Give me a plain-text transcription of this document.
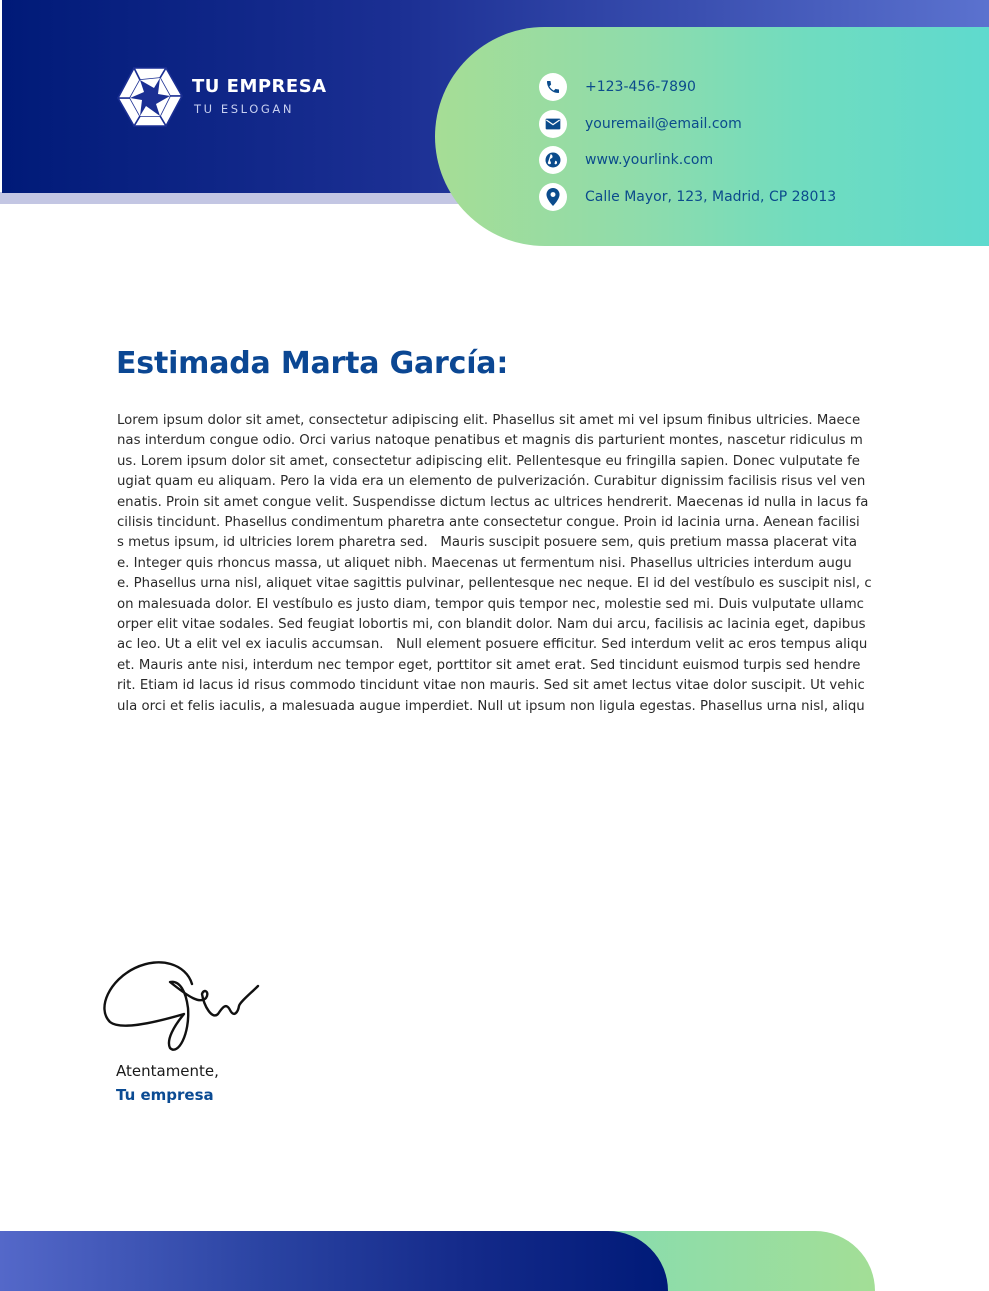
TU EMPRESA
TU ESLOGAN
+123-456-7890
youremail@email.com
www.yourlink.com
Calle Mayor, 123, Madrid, CP 28013
Estimada Marta García:
Lorem ipsum dolor sit amet, consectetur adipiscing elit. Phasellus sit amet mi vel ipsum finibus ultricies. Maece
nas interdum congue odio. Orci varius natoque penatibus et magnis dis parturient montes, nascetur ridiculus m
us. Lorem ipsum dolor sit amet, consectetur adipiscing elit. Pellentesque eu fringilla sapien. Donec vulputate fe
ugiat quam eu aliquam. Pero la vida era un elemento de pulverización. Curabitur dignissim facilisis risus vel ven
enatis. Proin sit amet congue velit. Suspendisse dictum lectus ac ultrices hendrerit. Maecenas id nulla in lacus fa
cilisis tincidunt. Phasellus condimentum pharetra ante consectetur congue. Proin id lacinia urna. Aenean facilisi
s metus ipsum, id ultricies lorem pharetra sed.   Mauris suscipit posuere sem, quis pretium massa placerat vita
e. Integer quis rhoncus massa, ut aliquet nibh. Maecenas ut fermentum nisi. Phasellus ultricies interdum augu
e. Phasellus urna nisl, aliquet vitae sagittis pulvinar, pellentesque nec neque. El id del vestíbulo es suscipit nisl, c
on malesuada dolor. El vestíbulo es justo diam, tempor quis tempor nec, molestie sed mi. Duis vulputate ullamc
orper elit vitae sodales. Sed feugiat lobortis mi, con blandit dolor. Nam dui arcu, facilisis ac lacinia eget, dapibus
ac leo. Ut a elit vel ex iaculis accumsan.   Null element posuere efficitur. Sed interdum velit ac eros tempus aliqu
et. Mauris ante nisi, interdum nec tempor eget, porttitor sit amet erat. Sed tincidunt euismod turpis sed hendre
rit. Etiam id lacus id risus commodo tincidunt vitae non mauris. Sed sit amet lectus vitae dolor suscipit. Ut vehic
ula orci et felis iaculis, a malesuada augue imperdiet. Null ut ipsum non ligula egestas. Phasellus urna nisl, aliqu
Atentamente,
Tu empresa
